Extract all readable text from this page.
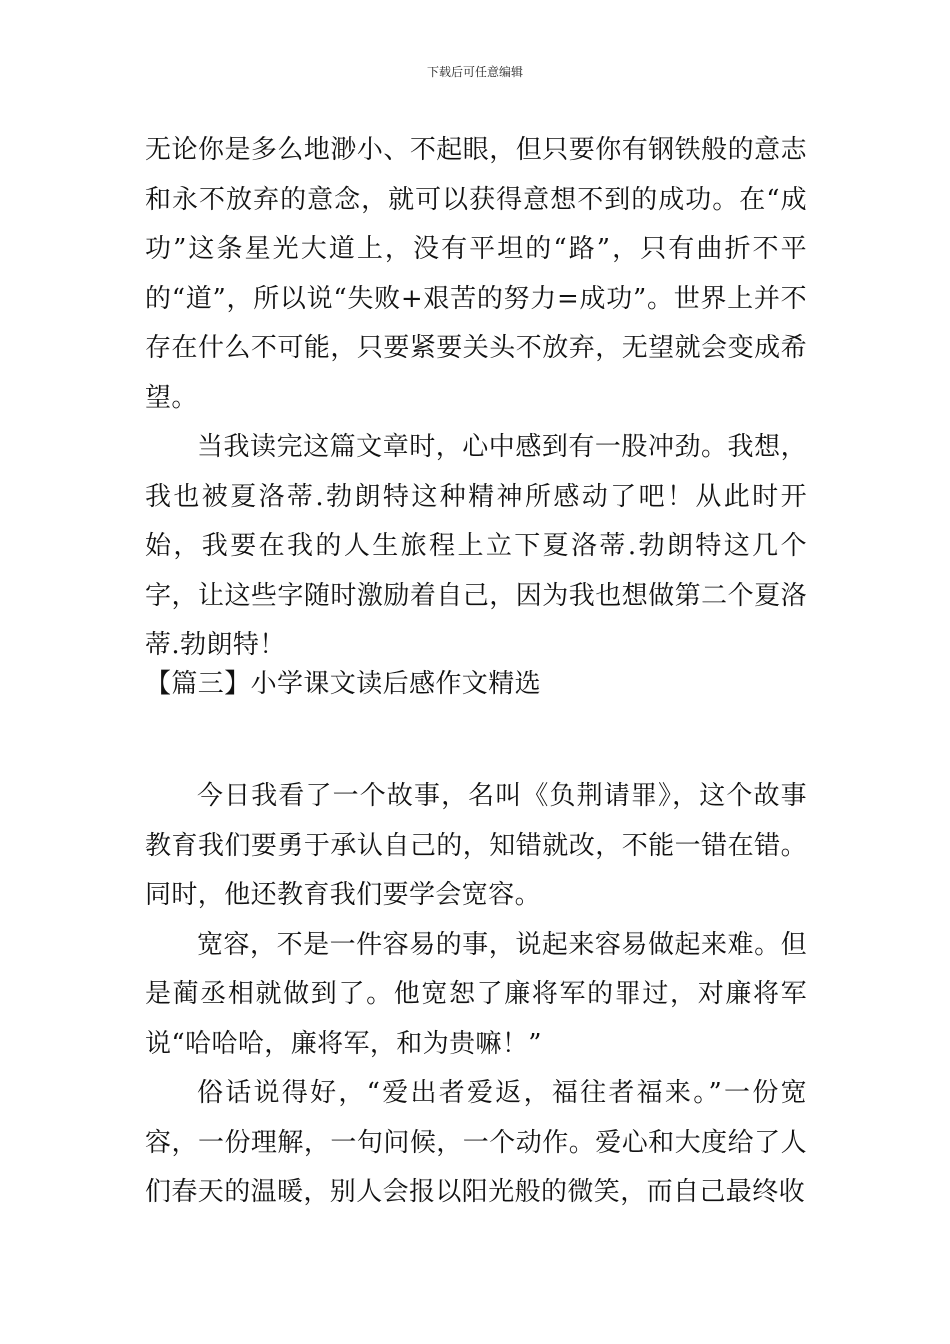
下载后可任意编辑

无论你是多么地渺小、不起眼，但只要你有钢铁般的意志和永不放弃的意念，就可以获得意想不到的成功。在“成功”这条星光大道上，没有平坦的“路”，只有曲折不平的“道”，所以说“失败+艰苦的努力=成功”。世界上并不存在什么不可能，只要紧要关头不放弃，无望就会变成希望。

当我读完这篇文章时，心中感到有一股冲劲。我想，我也被夏洛蒂.勃朗特这种精神所感动了吧！从此时开始，我要在我的人生旅程上立下夏洛蒂.勃朗特这几个字，让这些字随时激励着自己，因为我也想做第二个夏洛蒂.勃朗特！

【篇三】小学课文读后感作文精选

今日我看了一个故事，名叫《负荆请罪》，这个故事教育我们要勇于承认自己的，知错就改，不能一错在错。同时，他还教育我们要学会宽容。

宽容，不是一件容易的事，说起来容易做起来难。但是蔺丞相就做到了。他宽恕了廉将军的罪过，对廉将军说“哈哈哈，廉将军，和为贵嘛！”

俗话说得好，“爱出者爱返，福往者福来。”一份宽容，一份理解，一句问候，一个动作。爱心和大度给了人们春天的温暖，别人会报以阳光般的微笑，而自己最终收
